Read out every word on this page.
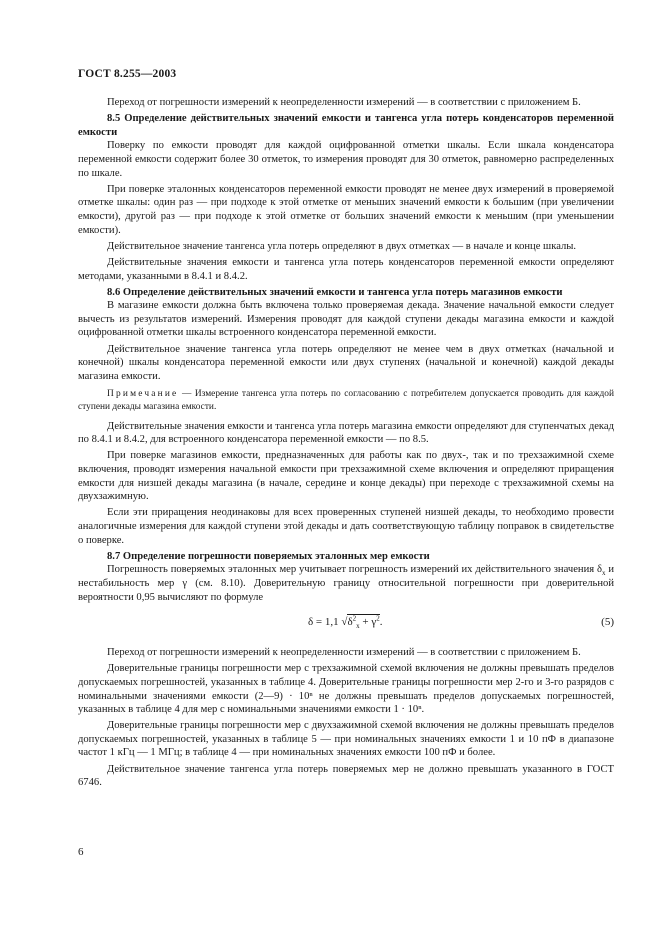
ГОСТ 8.255—2003

Переход от погрешности измерений к неопределенности измерений — в соответствии с приложением Б.

8.5 Определение действительных значений емкости и тангенса угла потерь конденсаторов переменной емкости

Поверку по емкости проводят для каждой оцифрованной отметки шкалы. Если шкала конденсатора переменной емкости содержит более 30 отметок, то измерения проводят для 30 отметок, равномерно распределенных по шкале.

При поверке эталонных конденсаторов переменной емкости проводят не менее двух измерений в проверяемой отметке шкалы: один раз — при подходе к этой отметке от меньших значений емкости к большим (при увеличении емкости), другой раз — при подходе к этой отметке от больших значений емкости к меньшим (при уменьшении емкости).

Действительное значение тангенса угла потерь определяют в двух отметках — в начале и конце шкалы.

Действительные значения емкости и тангенса угла потерь конденсаторов переменной емкости определяют методами, указанными в 8.4.1 и 8.4.2.

8.6 Определение действительных значений емкости и тангенса угла потерь магазинов емкости

В магазине емкости должна быть включена только проверяемая декада. Значение начальной емкости следует вычесть из результатов измерений. Измерения проводят для каждой ступени декады магазина емкости и каждой оцифрованной отметки шкалы встроенного конденсатора переменной емкости.

Действительное значение тангенса угла потерь определяют не менее чем в двух отметках (начальной и конечной) шкалы конденсатора переменной емкости или двух ступенях (начальной и конечной) каждой декады магазина емкости.

Примечание — Измерение тангенса угла потерь по согласованию с потребителем допускается проводить для каждой ступени декады магазина емкости.

Действительные значения емкости и тангенса угла потерь магазина емкости определяют для ступенчатых декад по 8.4.1 и 8.4.2, для встроенного конденсатора переменной емкости — по 8.5.

При поверке магазинов емкости, предназначенных для работы как по двух-, так и по трехзажимной схеме включения, проводят измерения начальной емкости при трехзажимной схеме включения и определяют приращения емкости для низшей декады магазина (в начале, середине и конце декады) при переходе с трехзажимной схемы на двухзажимную.

Если эти приращения неодинаковы для всех проверенных ступеней низшей декады, то необходимо провести аналогичные измерения для каждой ступени этой декады и дать соответствующую таблицу поправок в свидетельстве о поверке.

8.7 Определение погрешности поверяемых эталонных мер емкости

Погрешность поверяемых эталонных мер учитывает погрешность измерений их действительного значения $\delta_x$ и нестабильность мер γ (см. 8.10). Доверительную границу относительной погрешности при доверительной вероятности 0,95 вычисляют по формуле

δ = 1,1 $√\delta^2_x + \gamma^2$.	(5)

Переход от погрешности измерений к неопределенности измерений — в соответствии с приложением Б.

Доверительные границы погрешности мер с трехзажимной схемой включения не должны превышать пределов допускаемых погрешностей, указанных в таблице 4. Доверительные границы погрешности мер 2-го и 3-го разрядов с номинальными значениями емкости (2—9) · 10ⁿ не должны превышать пределов допускаемых погрешностей, указанных в таблице 4 для мер с номинальными значениями емкости 1 · 10ⁿ.

Доверительные границы погрешности мер с двухзажимной схемой включения не должны превышать пределов допускаемых погрешностей, указанных в таблице 5 — при номинальных значениях емкости 1 и 10 пФ в диапазоне частот 1 кГц — 1 МГц; в таблице 4 — при номинальных значениях емкости 100 пФ и более.

Действительное значение тангенса угла потерь поверяемых мер не должно превышать указанного в ГОСТ 6746.

6
